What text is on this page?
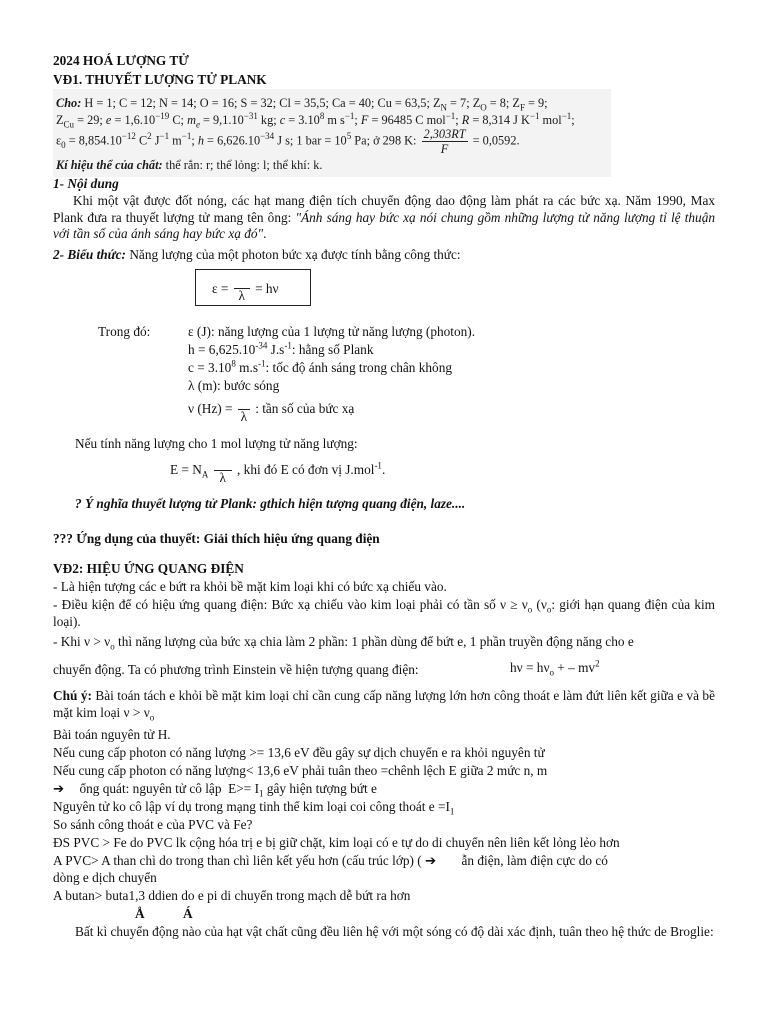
2024 HOÁ LƯỢNG TỬ
VĐ1. THUYẾT LƯỢNG TỬ PLANK
Cho: H = 1; C = 12; N = 14; O = 16; S = 32; Cl = 35,5; Ca = 40; Cu = 63,5; $Z_N = 7$; $Z_O = 8$; $Z_F = 9$;
$Z_{Cu} = 29$; $e = 1,6.10^{-19}$ C; $m_e = 9,1.10^{-31}$ kg; $c = 3.10^8$ m $s^{-1}$; F = 96485 C mol$^{-1}$; R = 8,314 J $K^{-1}$ mol$^{-1}$;
$\varepsilon_0 = 8,854.10^{-12}$ $C^2$ $J^{-1}$ $m^{-1}$; $h = 6,626.10^{-34}$ J s; 1 bar = $10^5$ Pa; ở 298 K: $\frac{2,303RT}{F} = 0,0592$.
Kí hiệu thể của chất: thể rắn: r; thể lỏng: l; thể khí: k.
1- Nội dung
Khi một vật được đốt nóng, các hạt mang điện tích chuyển động dao động làm phát ra các bức xạ. Năm 1990, Max Plank đưa ra thuyết lượng tử mang tên ông: "Ánh sáng hay bức xạ nói chung gồm những lượng tử năng lượng tỉ lệ thuận với tần số của ánh sáng hay bức xạ đó".
2- Biểu thức: Năng lượng của một photon bức xạ được tính bằng công thức:
ε = λ = hν
Trong đó:	ε (J): năng lượng của 1 lượng tử năng lượng (photon).
$h = 6,625.10^{-34}$ $J.s^{-1}$: hằng số Plank
$c = 3.10^8$ $m.s^{-1}$: tốc độ ánh sáng trong chân không
λ (m): bước sóng
ν (Hz) =
λ
: tần số của bức xạ
Nếu tính năng lượng cho 1 mol lượng tử năng lượng:
$E = N_A$ λ
, khi đó E có đơn vị J.mol$^{-1}$.
? Ý nghĩa thuyết lượng tử Plank: gthich hiện tượng quang điện, laze....
??? Ứng dụng của thuyết: Giải thích hiệu ứng quang điện
VĐ2: HIỆU ỨNG QUANG ĐIỆN
- Là hiện tượng các e bứt ra khỏi bề mặt kim loại khi có bức xạ chiếu vào.
- Điều kiện để có hiệu ứng quang điện: Bức xạ chiếu vào kim loại phải có tần số $\nu \ge \nu_o$ ($\nu_o$: giới hạn quang điện của kim loại).
- Khi $\nu > \nu_o$ thì năng lượng của bức xạ chia làm 2 phần: 1 phần dùng để bứt e, 1 phần truyền động năng cho e
chuyển động. Ta có phương trình Einstein về hiện tượng quang điện:	$h\nu = h\nu_o$ + – $mv^2$
Chú ý: Bài toán tách e khỏi bề mặt kim loại chỉ cần cung cấp năng lượng lớn hơn công thoát e làm đứt liên kết giữa e và bề mặt kim loại $\nu > \nu_o$
Bài toán nguyên tử H.
Nếu cung cấp photon có năng lượng >= 13,6 eV đều gây sự dịch chuyển e ra khỏi nguyên tử
Nếu cung cấp photon có năng lượng< 13,6 eV phải tuân theo =chênh lệch E giữa 2 mức n, m
➔ ổng quát: nguyên tử cô lập  $E>= I_1$ gây hiện tượng bứt e
Nguyên tử ko cô lập ví dụ trong mạng tinh thể kim loại coi công thoát $e =I_1$
So sánh công thoát e của PVC và Fe?
ĐS PVC > Fe do PVC lk cộng hóa trị e bị giữ chặt, kim loại có e tự do di chuyển nên liên kết lỏng lẻo hơn
A PVC> A than chì do trong than chì liên kết yếu hơn (cấu trúc lớp) ( ➔ ẫn điện, làm điện cực do có
dòng e dịch chuyển
A butan> buta1,3 ddien do e pi di chuyển trong mạch dễ bứt ra hơn
Å	Á
Bất kì chuyển động nào của hạt vật chất cũng đều liên hệ với một sóng có độ dài xác định, tuân theo hệ thức de Broglie:
